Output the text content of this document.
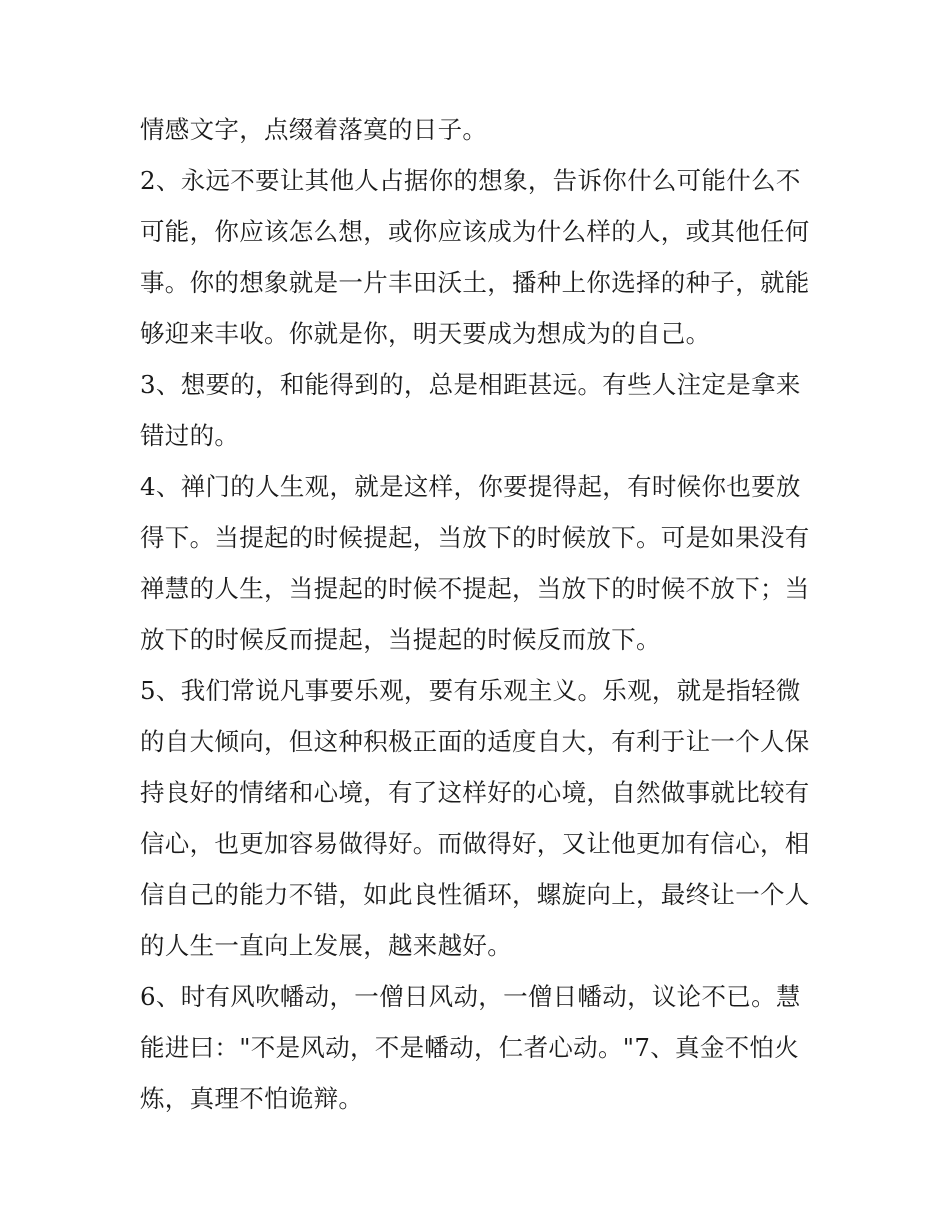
情感文字，点缀着落寞的日子。
2、永远不要让其他人占据你的想象，告诉你什么可能什么不
可能，你应该怎么想，或你应该成为什么样的人，或其他任何
事。你的想象就是一片丰田沃土，播种上你选择的种子，就能
够迎来丰收。你就是你，明天要成为想成为的自己。
3、想要的，和能得到的，总是相距甚远。有些人注定是拿来
错过的。
4、禅门的人生观，就是这样，你要提得起，有时候你也要放
得下。当提起的时候提起，当放下的时候放下。可是如果没有
禅慧的人生，当提起的时候不提起，当放下的时候不放下；当
放下的时候反而提起，当提起的时候反而放下。
5、我们常说凡事要乐观，要有乐观主义。乐观，就是指轻微
的自大倾向，但这种积极正面的适度自大，有利于让一个人保
持良好的情绪和心境，有了这样好的心境，自然做事就比较有
信心，也更加容易做得好。而做得好，又让他更加有信心，相
信自己的能力不错，如此良性循环，螺旋向上，最终让一个人
的人生一直向上发展，越来越好。
6、时有风吹幡动，一僧日风动，一僧日幡动，议论不已。慧
能进曰："不是风动，不是幡动，仁者心动。"7、真金不怕火
炼，真理不怕诡辩。
